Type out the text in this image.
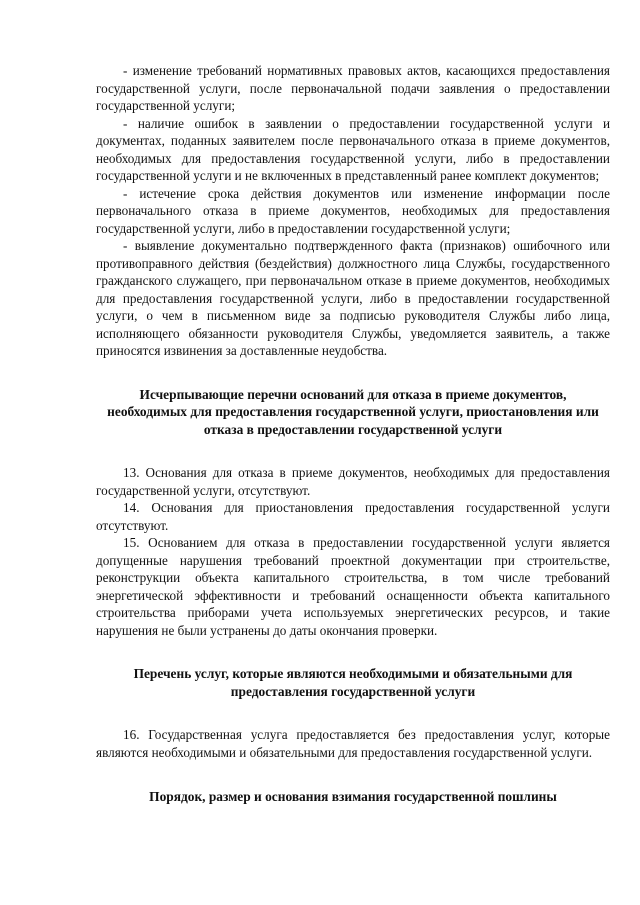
- изменение требований нормативных правовых актов, касающихся предоставления государственной услуги, после первоначальной подачи заявления о предоставлении государственной услуги;

- наличие ошибок в заявлении о предоставлении государственной услуги и документах, поданных заявителем после первоначального отказа в приеме документов, необходимых для предоставления государственной услуги, либо в предоставлении государственной услуги и не включенных в представленный ранее комплект документов;

- истечение срока действия документов или изменение информации после первоначального отказа в приеме документов, необходимых для предоставления государственной услуги, либо в предоставлении государственной услуги;

- выявление документально подтвержденного факта (признаков) ошибочного или противоправного действия (бездействия) должностного лица Службы, государственного гражданского служащего, при первоначальном отказе в приеме документов, необходимых для предоставления государственной услуги, либо в предоставлении государственной услуги, о чем в письменном виде за подписью руководителя Службы либо лица, исполняющего обязанности руководителя Службы, уведомляется заявитель, а также приносятся извинения за доставленные неудобства.

Исчерпывающие перечни оснований для отказа в приеме документов, необходимых для предоставления государственной услуги, приостановления или отказа в предоставлении государственной услуги

13. Основания для отказа в приеме документов, необходимых для предоставления государственной услуги, отсутствуют.

14. Основания для приостановления предоставления государственной услуги отсутствуют.

15. Основанием для отказа в предоставлении государственной услуги является допущенные нарушения требований проектной документации при строительстве, реконструкции объекта капитального строительства, в том числе требований энергетической эффективности и требований оснащенности объекта капитального строительства приборами учета используемых энергетических ресурсов, и такие нарушения не были устранены до даты окончания проверки.

Перечень услуг, которые являются необходимыми и обязательными для предоставления государственной услуги

16. Государственная услуга предоставляется без предоставления услуг, которые являются необходимыми и обязательными для предоставления государственной услуги.

Порядок, размер и основания взимания государственной пошлины
